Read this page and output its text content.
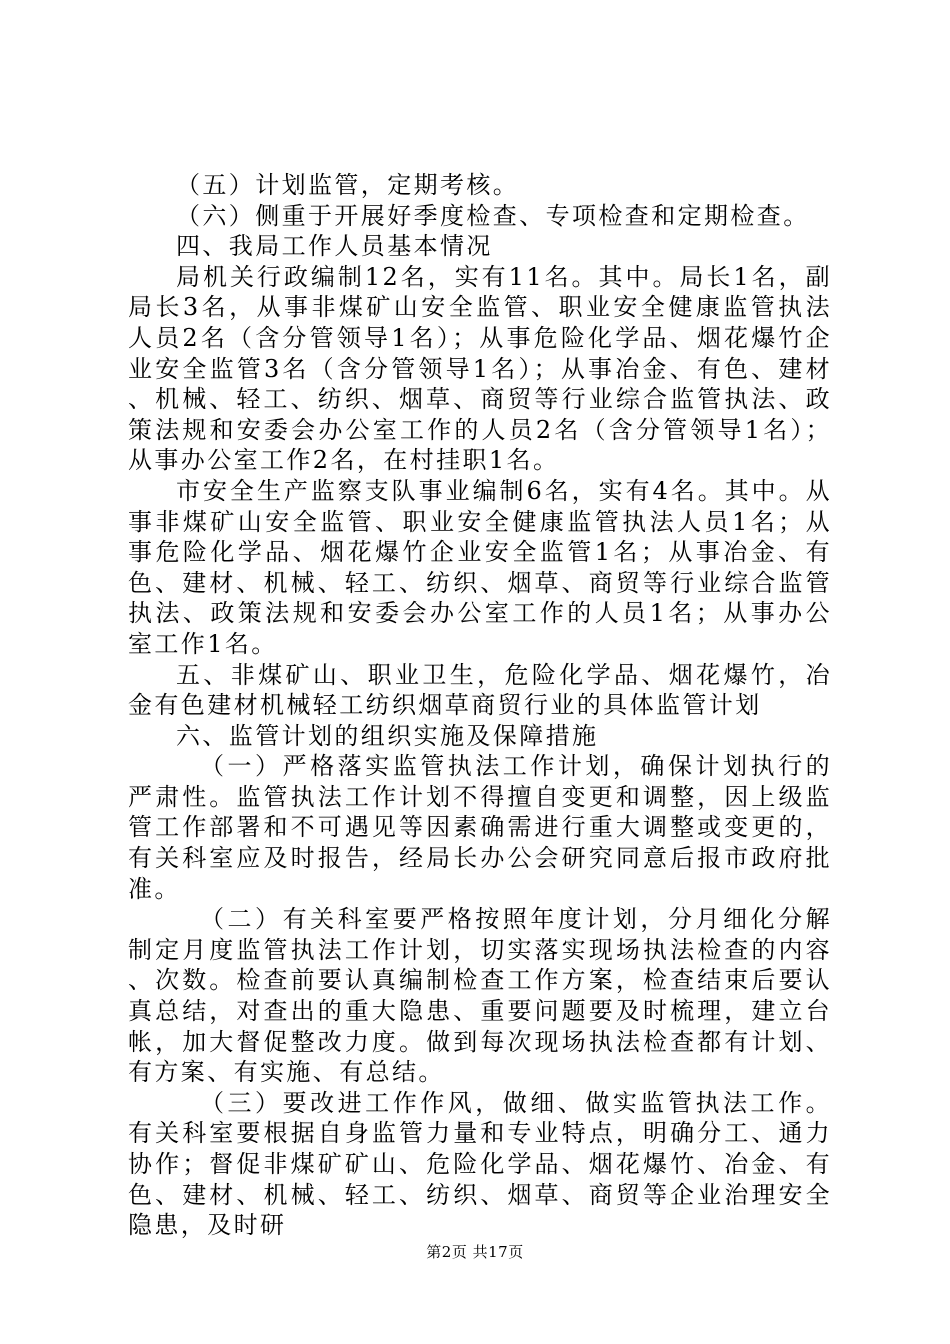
（五）计划监管，定期考核。

（六）侧重于开展好季度检查、专项检查和定期检查。

四、我局工作人员基本情况

局机关行政编制12名，实有11名。其中。局长1名，副局长3名，从事非煤矿山安全监管、职业安全健康监管执法人员2名（含分管领导1名）；从事危险化学品、烟花爆竹企业安全监管3名（含分管领导1名）；从事冶金、有色、建材、机械、轻工、纺织、烟草、商贸等行业综合监管执法、政策法规和安委会办公室工作的人员2名（含分管领导1名）；从事办公室工作2名，在村挂职1名。

市安全生产监察支队事业编制6名，实有4名。其中。从事非煤矿山安全监管、职业安全健康监管执法人员1名；从事危险化学品、烟花爆竹企业安全监管1名；从事冶金、有色、建材、机械、轻工、纺织、烟草、商贸等行业综合监管执法、政策法规和安委会办公室工作的人员1名；从事办公室工作1名。

五、非煤矿山、职业卫生，危险化学品、烟花爆竹，冶金有色建材机械轻工纺织烟草商贸行业的具体监管计划

六、监管计划的组织实施及保障措施

（一）严格落实监管执法工作计划，确保计划执行的严肃性。监管执法工作计划不得擅自变更和调整，因上级监管工作部署和不可遇见等因素确需进行重大调整或变更的，有关科室应及时报告，经局长办公会研究同意后报市政府批准。

（二）有关科室要严格按照年度计划，分月细化分解制定月度监管执法工作计划，切实落实现场执法检查的内容、次数。检查前要认真编制检查工作方案，检查结束后要认真总结，对查出的重大隐患、重要问题要及时梳理，建立台帐，加大督促整改力度。做到每次现场执法检查都有计划、有方案、有实施、有总结。

（三）要改进工作作风，做细、做实监管执法工作。有关科室要根据自身监管力量和专业特点，明确分工、通力协作；督促非煤矿矿山、危险化学品、烟花爆竹、冶金、有色、建材、机械、轻工、纺织、烟草、商贸等企业治理安全隐患，及时研

第2页 共17页
